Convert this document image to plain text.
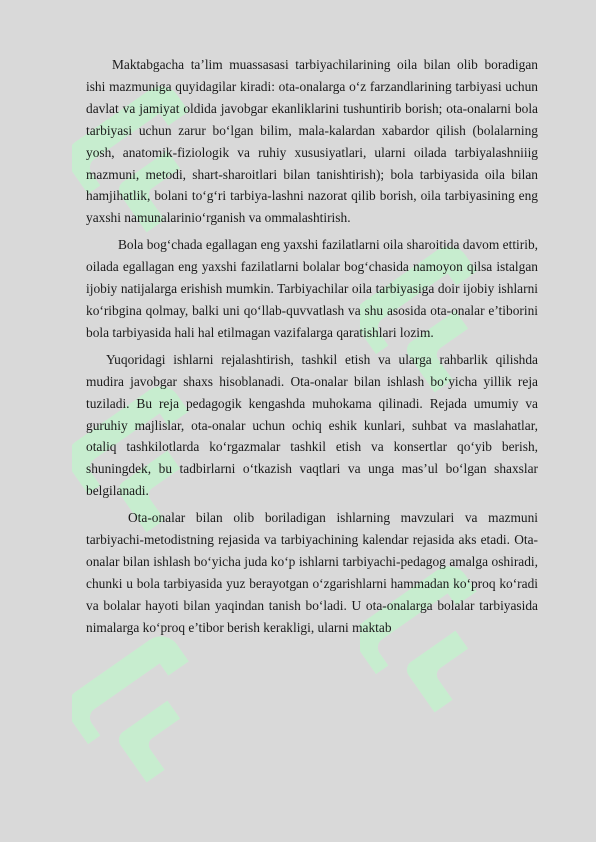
Maktabgacha ta’lim muassasasi tarbiyachilarining oila bilan olib boradigan ishi mazmuniga quyidagilar kiradi: ota-onalarga o‘z farzandlarining tarbiyasi uchun davlat va jamiyat oldida javobgar ekanliklarini tushuntirib borish; ota-onalarni bola tarbiyasi uchun zarur bo‘lgan bilim, mala-kalardan xabardor qilish (bolalarning yosh, anatomik-fiziologik va ruhiy xususiyatlari, ularni oilada tarbiyalashniiig mazmuni, metodi, shart-sharoitlari bilan tanishtirish); bola tarbiyasida oila bilan hamjihatlik, bolani to‘g‘ri tarbiya-lashni nazorat qilib borish, oila tarbiyasining eng yaxshi namunalarinio‘rganish va ommalashtirish.

Bola bog‘chada egallagan eng yaxshi fazilatlarni oila sharoitida davom ettirib, oilada egallagan eng yaxshi fazilatlarni bolalar bog‘chasida namoyon qilsa istalgan ijobiy natijalarga erishish mumkin. Tarbiyachilar oila tarbiyasiga doir ijobiy ishlarni ko‘ribgina qolmay, balki uni qo‘llab-quvvatlash va shu asosida ota-onalar e’tiborini bola tarbiyasida hali hal etilmagan vazifalarga qaratishlari lozim.

Yuqoridagi ishlarni rejalashtirish, tashkil etish va ularga rahbarlik qilishda mudira javobgar shaxs hisoblanadi. Ota-onalar bilan ishlash bo‘yicha yillik reja tuziladi. Bu reja pedagogik kengashda muhokama qilinadi. Rejada umumiy va guruhiy majlislar, ota-onalar uchun ochiq eshik kunlari, suhbat va maslahatlar, otaliq tashkilotlarda ko‘rgazmalar tashkil etish va konsertlar qo‘yib berish, shuningdek, bu tadbirlarni o‘tkazish vaqtlari va unga mas’ul bo‘lgan shaxslar belgilanadi.

Ota-onalar bilan olib boriladigan ishlarning mavzulari va mazmuni tarbiyachi-metodistning rejasida va tarbiyachining kalendar rejasida aks etadi. Ota-onalar bilan ishlash bo‘yicha juda ko‘p ishlarni tarbiyachi-pedagog amalga oshiradi, chunki u bola tarbiyasida yuz berayotgan o‘zgarishlarni hammadan ko‘proq ko‘radi va bolalar hayoti bilan yaqindan tanish bo‘ladi. U ota-onalarga bolalar tarbiyasida nimalarga ko‘proq e’tibor berish kerakligi, ularni maktab
